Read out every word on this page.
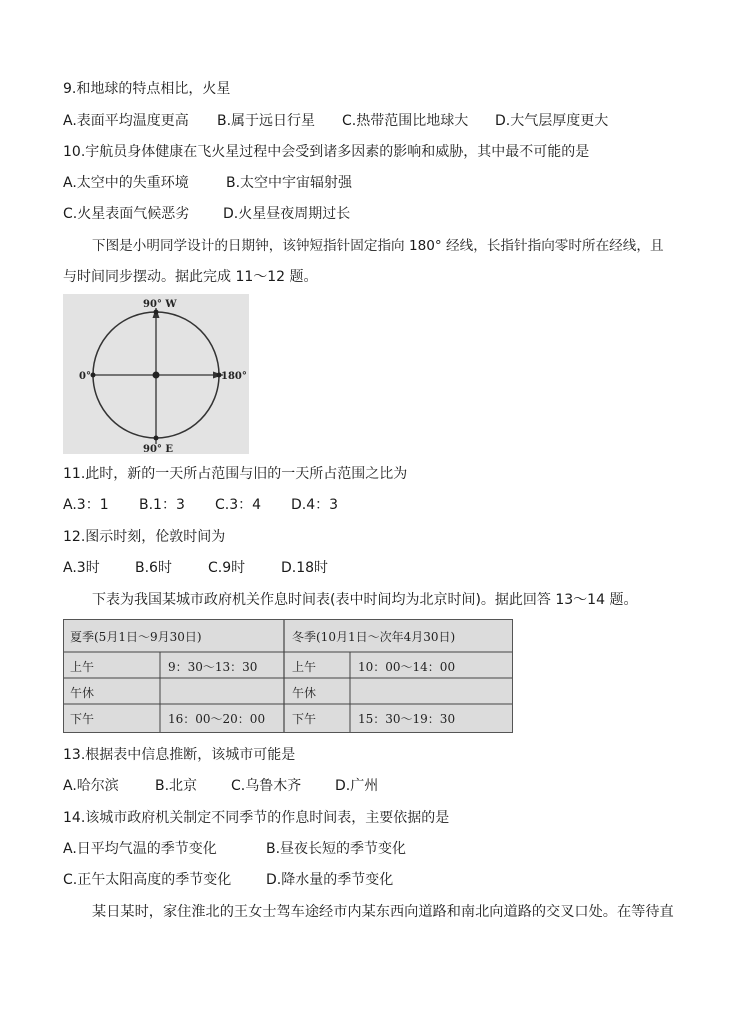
9.和地球的特点相比，火星
A.表面平均温度更高	B.属于远日行星	C.热带范围比地球大	D.大气层厚度更大
10.宇航员身体健康在飞火星过程中会受到诸多因素的影响和威胁，其中最不可能的是
A.太空中的失重环境	B.太空中宇宙辐射强
C.火星表面气候恶劣	D.火星昼夜周期过长
下图是小明同学设计的日期钟，该钟短指针固定指向 180° 经线，长指针指向零时所在经线，且
与时间同步摆动。据此完成 11～12 题。
90° W
90° E
0°	180°
11.此时，新的一天所占范围与旧的一天所占范围之比为
A.3：1	B.1：3	C.3：4	D.4：3
12.图示时刻，伦敦时间为
A.3时	B.6时	C.9时	D.18时
下表为我国某城市政府机关作息时间表(表中时间均为北京时间)。据此回答 13～14 题。
夏季(5月1日～9月30日)	冬季(10月1日～次年4月30日)
上午	9：30～13：30	上午	10：00～14：00
午休	午休
下午	16：00～20：00 下午	15：30～19：30
13.根据表中信息推断，该城市可能是
A.哈尔滨	B.北京	C.乌鲁木齐	D.广州
14.该城市政府机关制定不同季节的作息时间表，主要依据的是
A.日平均气温的季节变化	B.昼夜长短的季节变化
C.正午太阳高度的季节变化	D.降水量的季节变化
某日某时，家住淮北的王女士驾车途经市内某东西向道路和南北向道路的交叉口处。在等待直
